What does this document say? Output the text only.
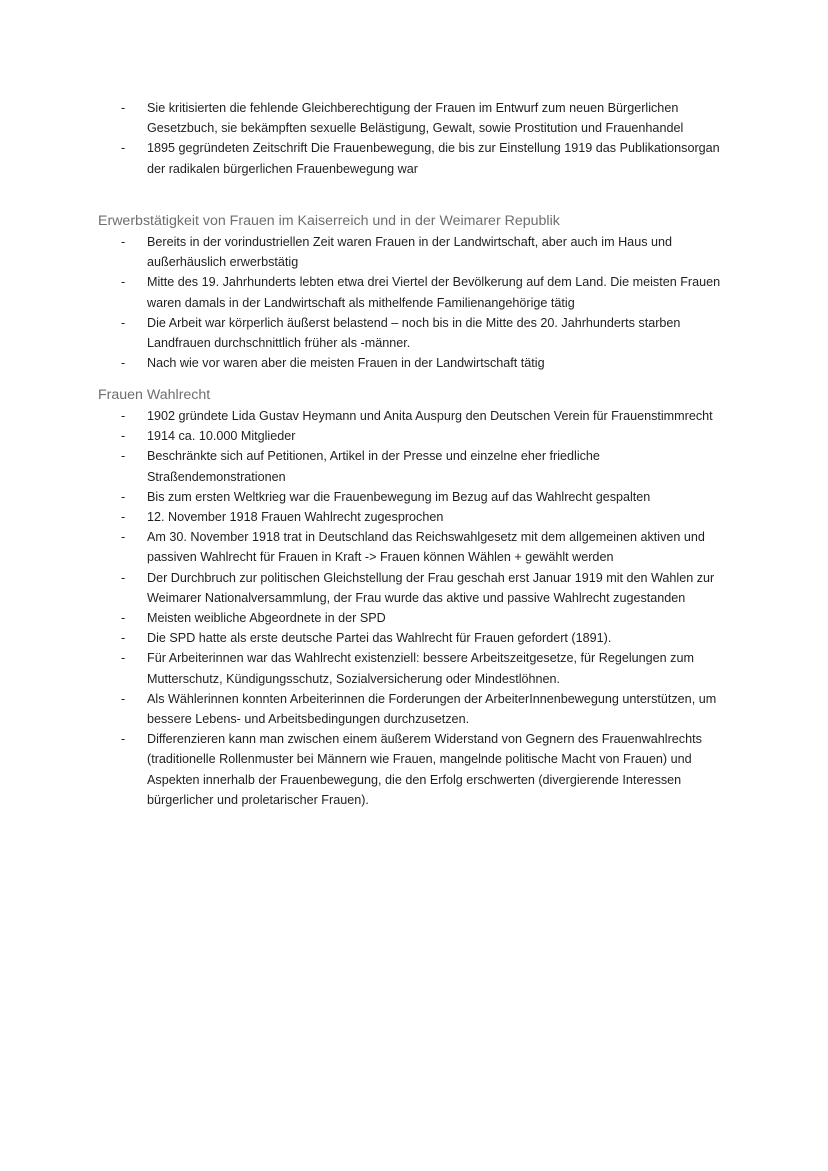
-	Sie kritisierten die fehlende Gleichberechtigung der Frauen im Entwurf zum neuen Bürgerlichen Gesetzbuch, sie bekämpften sexuelle Belästigung, Gewalt, sowie Prostitution und Frauenhandel
-	1895 gegründeten Zeitschrift Die Frauenbewegung, die bis zur Einstellung 1919 das Publikationsorgan der radikalen bürgerlichen Frauenbewegung war
Erwerbstätigkeit von Frauen im Kaiserreich und in der Weimarer Republik
-	Bereits in der vorindustriellen Zeit waren Frauen in der Landwirtschaft, aber auch im Haus und außerhäuslich erwerbstätig
-	Mitte des 19. Jahrhunderts lebten etwa drei Viertel der Bevölkerung auf dem Land. Die meisten Frauen waren damals in der Landwirtschaft als mithelfende Familienangehörige tätig
-	Die Arbeit war körperlich äußerst belastend – noch bis in die Mitte des 20. Jahrhunderts starben Landfrauen durchschnittlich früher als -männer.
-	Nach wie vor waren aber die meisten Frauen in der Landwirtschaft tätig
Frauen Wahlrecht
-	1902 gründete Lida Gustav Heymann und Anita Auspurg den Deutschen Verein für Frauenstimmrecht
-	1914 ca. 10.000 Mitglieder
-	Beschränkte sich auf Petitionen, Artikel in der Presse und einzelne eher friedliche Straßendemonstrationen
-	Bis zum ersten Weltkrieg war die Frauenbewegung im Bezug auf das Wahlrecht gespalten
-	12. November 1918 Frauen Wahlrecht zugesprochen
-	Am 30. November 1918 trat in Deutschland das Reichswahlgesetz mit dem allgemeinen aktiven und passiven Wahlrecht für Frauen in Kraft -> Frauen können Wählen + gewählt werden
-	Der Durchbruch zur politischen Gleichstellung der Frau geschah erst Januar 1919 mit den Wahlen zur Weimarer Nationalversammlung, der Frau wurde das aktive und passive Wahlrecht zugestanden
-	Meisten weibliche Abgeordnete in der SPD
-	Die SPD hatte als erste deutsche Partei das Wahlrecht für Frauen gefordert (1891).
-	Für Arbeiterinnen war das Wahlrecht existenziell: bessere Arbeitszeitgesetze, für Regelungen zum Mutterschutz, Kündigungsschutz, Sozialversicherung oder Mindestlöhnen.
-	Als Wählerinnen konnten Arbeiterinnen die Forderungen der ArbeiterInnenbewegung unterstützen, um bessere Lebens- und Arbeitsbedingungen durchzusetzen.
-	Differenzieren kann man zwischen einem äußerem Widerstand von Gegnern des Frauenwahlrechts (traditionelle Rollenmuster bei Männern wie Frauen, mangelnde politische Macht von Frauen) und Aspekten innerhalb der Frauenbewegung, die den Erfolg erschwerten (divergierende Interessen bürgerlicher und proletarischer Frauen).
